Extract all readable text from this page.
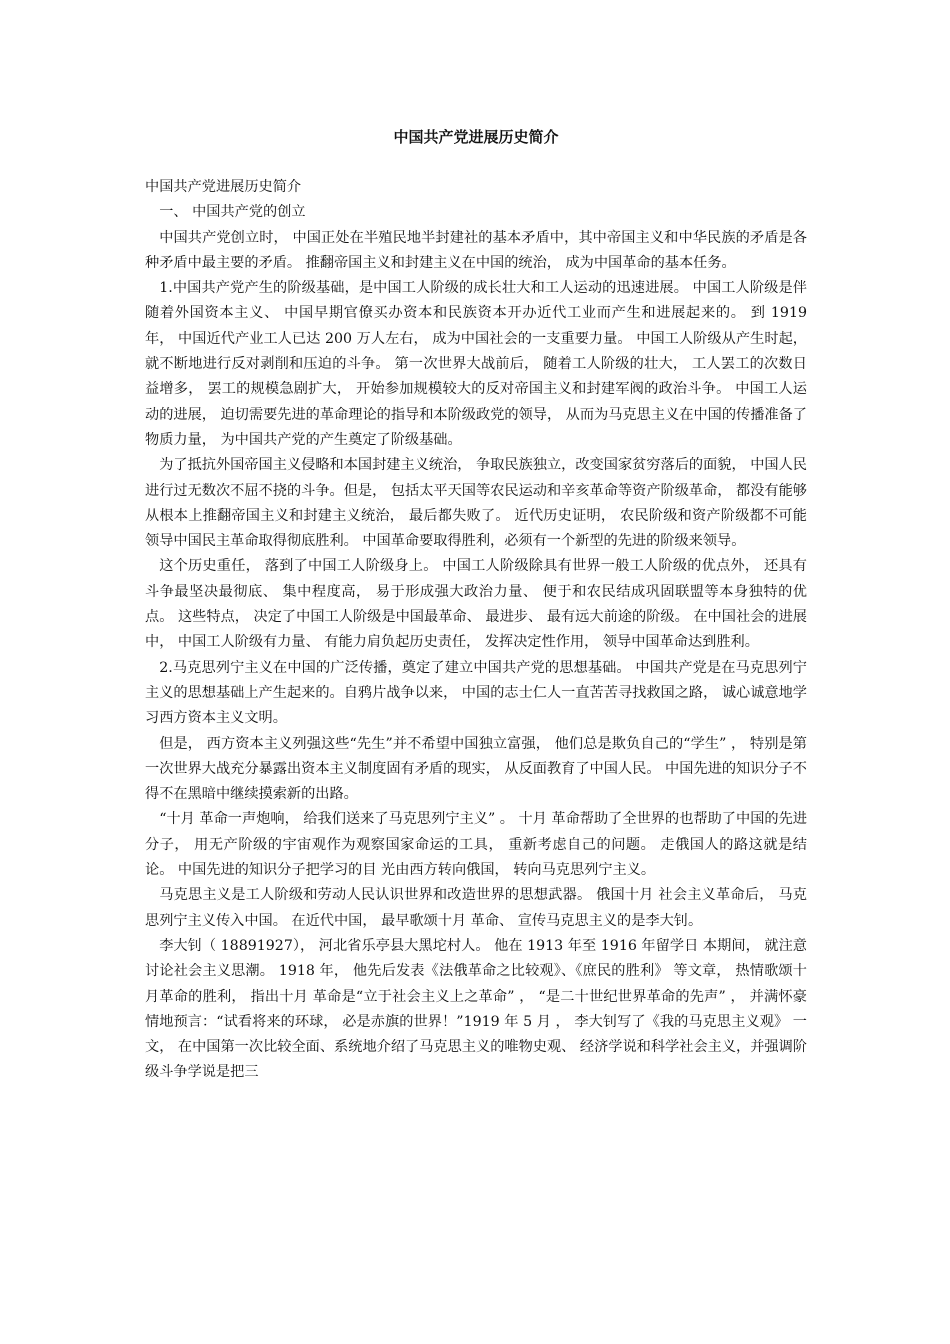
中国共产党进展历史简介

中国共产党进展历史简介

一、 中国共产党的创立

中国共产党创立时， 中国正处在半殖民地半封建社的基本矛盾中，其中帝国主义和中华民族的矛盾是各种矛盾中最主要的矛盾。 推翻帝国主义和封建主义在中国的统治， 成为中国革命的基本任务。

1.中国共产党产生的阶级基础，是中国工人阶级的成长壮大和工人运动的迅速进展。 中国工人阶级是伴随着外国资本主义、 中国早期官僚买办资本和民族资本开办近代工业而产生和进展起来的。 到 1919 年， 中国近代产业工人已达 200 万人左右， 成为中国社会的一支重要力量。 中国工人阶级从产生时起， 就不断地进行反对剥削和压迫的斗争。 第一次世界大战前后， 随着工人阶级的壮大， 工人罢工的次数日益增多， 罢工的规模急剧扩大， 开始参加规模较大的反对帝国主义和封建军阀的政治斗争。 中国工人运动的进展， 迫切需要先进的革命理论的指导和本阶级政党的领导， 从而为马克思主义在中国的传播准备了物质力量， 为中国共产党的产生奠定了阶级基础。

为了抵抗外国帝国主义侵略和本国封建主义统治， 争取民族独立，改变国家贫穷落后的面貌， 中国人民进行过无数次不屈不挠的斗争。但是， 包括太平天国等农民运动和辛亥革命等资产阶级革命， 都没有能够从根本上推翻帝国主义和封建主义统治， 最后都失败了。 近代历史证明， 农民阶级和资产阶级都不可能领导中国民主革命取得彻底胜利。 中国革命要取得胜利，必须有一个新型的先进的阶级来领导。

这个历史重任， 落到了中国工人阶级身上。 中国工人阶级除具有世界一般工人阶级的优点外， 还具有斗争最坚决最彻底、 集中程度高， 易于形成强大政治力量、 便于和农民结成巩固联盟等本身独特的优点。 这些特点， 决定了中国工人阶级是中国最革命、 最进步、 最有远大前途的阶级。 在中国社会的进展中， 中国工人阶级有力量、 有能力肩负起历史责任， 发挥决定性作用， 领导中国革命达到胜利。

2.马克思列宁主义在中国的广泛传播，奠定了建立中国共产党的思想基础。 中国共产党是在马克思列宁主义的思想基础上产生起来的。自鸦片战争以来， 中国的志士仁人一直苦苦寻找救国之路， 诚心诚意地学习西方资本主义文明。

但是， 西方资本主义列强这些“先生”并不希望中国独立富强， 他们总是欺负自己的“学生” ， 特别是第一次世界大战充分暴露出资本主义制度固有矛盾的现实， 从反面教育了中国人民。 中国先进的知识分子不得不在黑暗中继续摸索新的出路。

“十月 革命一声炮响， 给我们送来了马克思列宁主义” 。 十月 革命帮助了全世界的也帮助了中国的先进分子， 用无产阶级的宇宙观作为观察国家命运的工具， 重新考虑自己的问题。 走俄国人的路这就是结论。 中国先进的知识分子把学习的目 光由西方转向俄国， 转向马克思列宁主义。

马克思主义是工人阶级和劳动人民认识世界和改造世界的思想武器。 俄国十月 社会主义革命后， 马克思列宁主义传入中国。 在近代中国， 最早歌颂十月 革命、 宣传马克思主义的是李大钊。

李大钊（ 18891927）， 河北省乐亭县大黑坨村人。 他在 1913 年至 1916 年留学日 本期间， 就注意讨论社会主义思潮。 1918 年， 他先后发表《法俄革命之比较观》、《庶民的胜利》 等文章， 热情歌颂十月革命的胜利， 指出十月 革命是“立于社会主义上之革命” ， “是二十世纪世界革命的先声” ， 并满怀豪情地预言：“试看将来的环球， 必是赤旗的世界！”1919 年 5 月 ， 李大钊写了《我的马克思主义观》 一文， 在中国第一次比较全面、系统地介绍了马克思主义的唯物史观、 经济学说和科学社会主义，并强调阶级斗争学说是把三
